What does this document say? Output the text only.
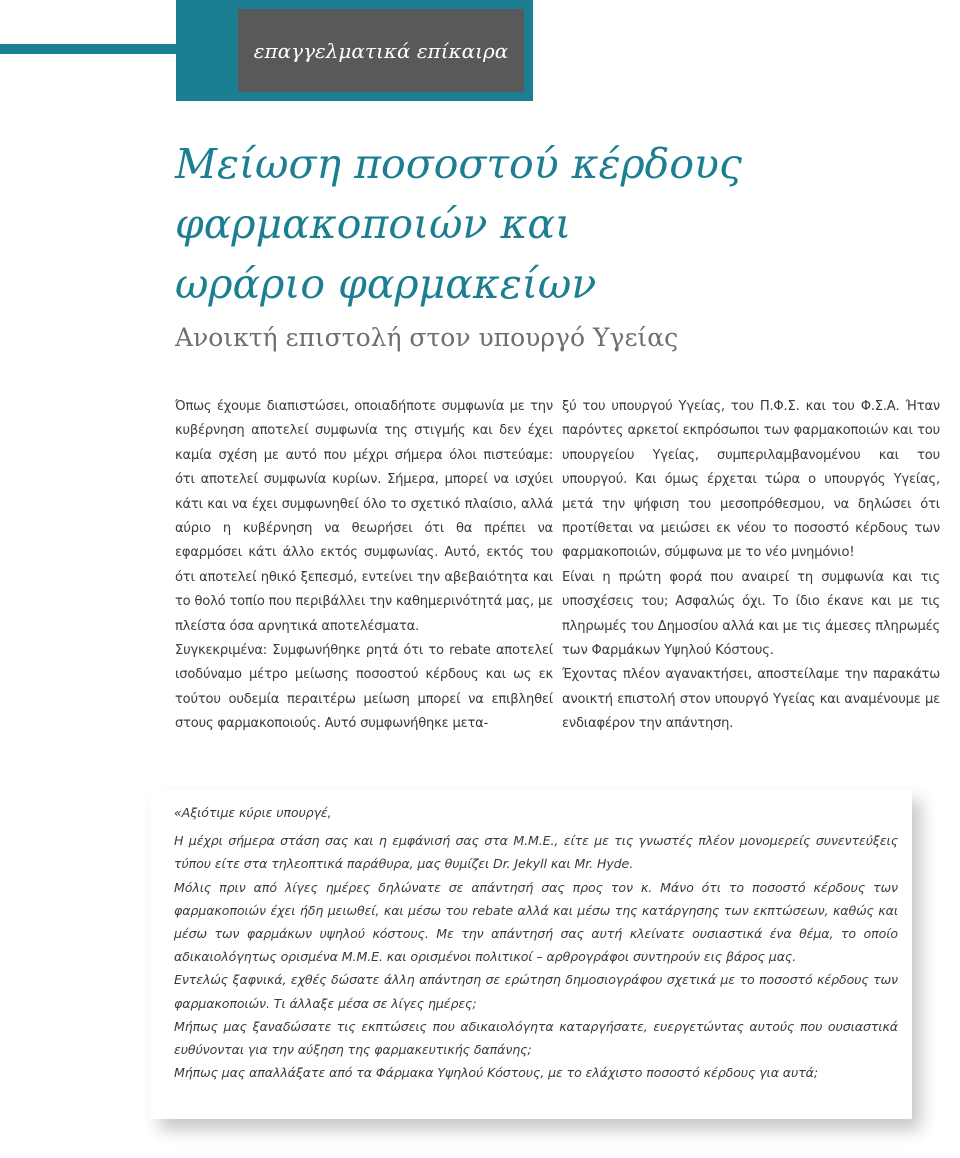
επαγγελματικά επίκαιρα
Μείωση ποσοστού κέρδους
φαρμακοποιών και
ωράριο φαρμακείων
Ανοικτή επιστολή στον υπουργό Υγείας

Όπως έχουμε διαπιστώσει, οποιαδήποτε συμφωνία με την κυβέρνηση αποτελεί συμφωνία της στιγμής και δεν έχει καμία σχέση με αυτό που μέχρι σήμερα όλοι πιστεύαμε: ότι αποτελεί συμφωνία κυρίων. Σήμερα, μπορεί να ισχύει κάτι και να έχει συμφωνηθεί όλο το σχετικό πλαίσιο, αλλά αύριο η κυβέρνηση να θεωρήσει ότι θα πρέπει να εφαρμόσει κάτι άλλο εκτός συμφωνίας. Αυτό, εκτός του ότι αποτελεί ηθικό ξεπεσμό, εντείνει την αβεβαιότητα και το θολό τοπίο που περιβάλλει την καθημερινότητά μας, με πλείστα όσα αρνητικά αποτελέσματα.

Συγκεκριμένα: Συμφωνήθηκε ρητά ότι το rebate αποτελεί ισοδύναμο μέτρο μείωσης ποσοστού κέρδους και ως εκ τούτου ουδεμία περαιτέρω μείωση μπορεί να επιβληθεί στους φαρμακοποιούς. Αυτό συμφωνήθηκε μετα-

ξύ του υπουργού Υγείας, του Π.Φ.Σ. και του Φ.Σ.Α. Ήταν παρόντες αρκετοί εκπρόσωποι των φαρμακοποιών και του υπουργείου Υγείας, συμπεριλαμβανομένου και του υπουργού. Και όμως έρχεται τώρα ο υπουργός Υγείας, μετά την ψήφιση του μεσοπρόθεσμου, να δηλώσει ότι προτίθεται να μειώσει εκ νέου το ποσοστό κέρδους των φαρμακοποιών, σύμφωνα με το νέο μνημόνιο!

Είναι η πρώτη φορά που αναιρεί τη συμφωνία και τις υποσχέσεις του; Ασφαλώς όχι. Το ίδιο έκανε και με τις πληρωμές του Δημοσίου αλλά και με τις άμεσες πληρωμές των Φαρμάκων Υψηλού Κόστους.

Έχοντας πλέον αγανακτήσει, αποστείλαμε την παρακάτω ανοικτή επιστολή στον υπουργό Υγείας και αναμένουμε με ενδιαφέρον την απάντηση.

«Αξιότιμε κύριε υπουργέ,

Η μέχρι σήμερα στάση σας και η εμφάνισή σας στα Μ.Μ.Ε., είτε με τις γνωστές πλέον μονομερείς συνεντεύξεις τύπου είτε στα τηλεοπτικά παράθυρα, μας θυμίζει Dr. Jekyll και Mr. Hyde.

Μόλις πριν από λίγες ημέρες δηλώνατε σε απάντησή σας προς τον κ. Μάνο ότι το ποσοστό κέρδους των φαρμακοποιών έχει ήδη μειωθεί, και μέσω του rebate αλλά και μέσω της κατάργησης των εκπτώσεων, καθώς και μέσω των φαρμάκων υψηλού κόστους. Με την απάντησή σας αυτή κλείνατε ουσιαστικά ένα θέμα, το οποίο αδικαιολόγητως ορισμένα Μ.Μ.Ε. και ορισμένοι πολιτικοί – αρθρογράφοι συντηρούν εις βάρος μας.

Εντελώς ξαφνικά, εχθές δώσατε άλλη απάντηση σε ερώτηση δημοσιογράφου σχετικά με το ποσοστό κέρδους των φαρμακοποιών. Τι άλλαξε μέσα σε λίγες ημέρες;

Μήπως μας ξαναδώσατε τις εκπτώσεις που αδικαιολόγητα καταργήσατε, ευεργετώντας αυτούς που ουσιαστικά ευθύνονται για την αύξηση της φαρμακευτικής δαπάνης;

Μήπως μας απαλλάξατε από τα Φάρμακα Υψηλού Κόστους, με το ελάχιστο ποσοστό κέρδους για αυτά;
